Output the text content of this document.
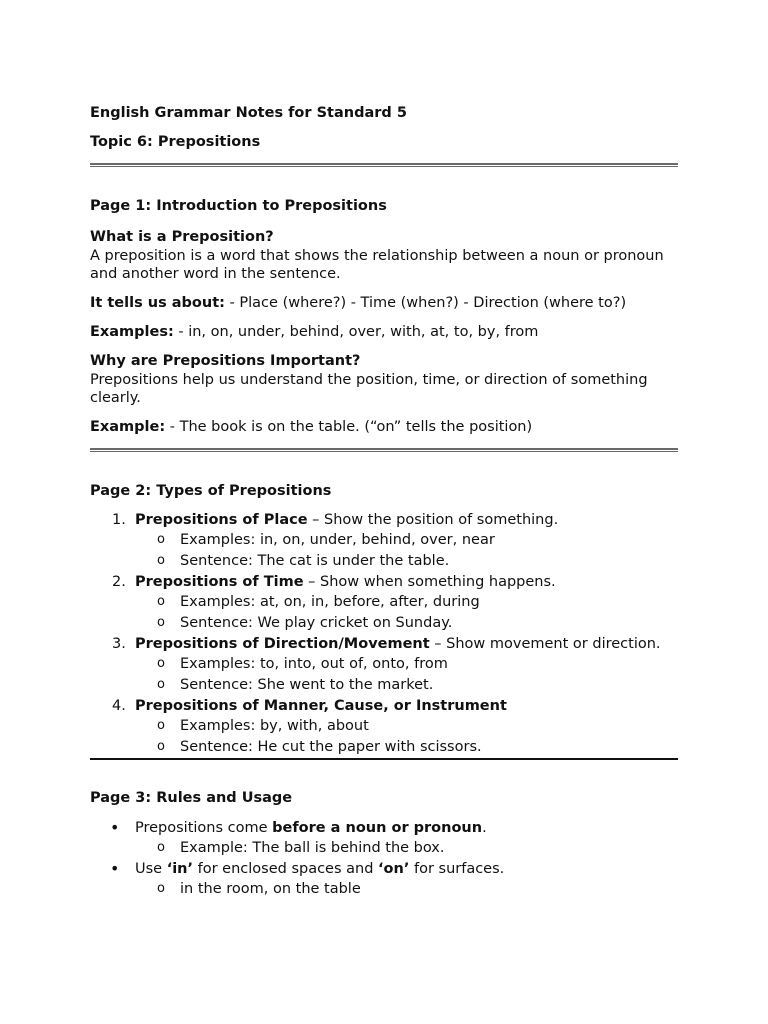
English Grammar Notes for Standard 5

Topic 6: Prepositions

Page 1: Introduction to Prepositions

What is a Preposition?

A preposition is a word that shows the relationship between a noun or pronoun and another word in the sentence.

It tells us about: - Place (where?) - Time (when?) - Direction (where to?)

Examples: - in, on, under, behind, over, with, at, to, by, from

Why are Prepositions Important?

Prepositions help us understand the position, time, or direction of something clearly.

Example: - The book is on the table. (“on” tells the position)

Page 2: Types of Prepositions

1. Prepositions of Place – Show the position of something.
o Examples: in, on, under, behind, over, near
o Sentence: The cat is under the table.
2. Prepositions of Time – Show when something happens.
o Examples: at, on, in, before, after, during
o Sentence: We play cricket on Sunday.
3. Prepositions of Direction/Movement – Show movement or direction.
o Examples: to, into, out of, onto, from
o Sentence: She went to the market.
4. Prepositions of Manner, Cause, or Instrument
o Examples: by, with, about
o Sentence: He cut the paper with scissors.

Page 3: Rules and Usage

• Prepositions come before a noun or pronoun.
o Example: The ball is behind the box.
• Use ‘in’ for enclosed spaces and ‘on’ for surfaces.
o in the room, on the table
